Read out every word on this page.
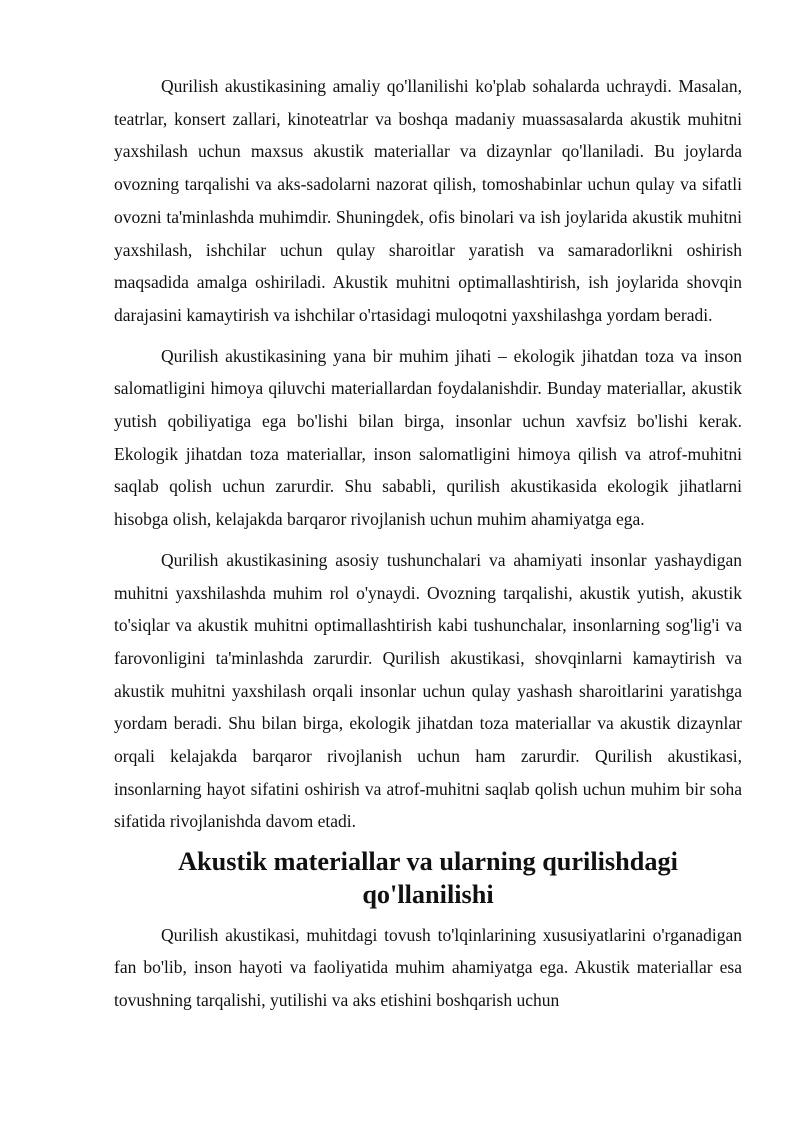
Qurilish akustikasining amaliy qo'llanilishi ko'plab sohalarda uchraydi. Masalan, teatrlar, konsert zallari, kinoteatrlar va boshqa madaniy muassasalarda akustik muhitni yaxshilash uchun maxsus akustik materiallar va dizaynlar qo'llaniladi. Bu joylarda ovozning tarqalishi va aks-sadolarni nazorat qilish, tomoshabinlar uchun qulay va sifatli ovozni ta'minlashda muhimdir. Shuningdek, ofis binolari va ish joylarida akustik muhitni yaxshilash, ishchilar uchun qulay sharoitlar yaratish va samaradorlikni oshirish maqsadida amalga oshiriladi. Akustik muhitni optimallashtirish, ish joylarida shovqin darajasini kamaytirish va ishchilar o'rtasidagi muloqotni yaxshilashga yordam beradi.

Qurilish akustikasining yana bir muhim jihati – ekologik jihatdan toza va inson salomatligini himoya qiluvchi materiallardan foydalanishdir. Bunday materiallar, akustik yutish qobiliyatiga ega bo'lishi bilan birga, insonlar uchun xavfsiz bo'lishi kerak. Ekologik jihatdan toza materiallar, inson salomatligini himoya qilish va atrof-muhitni saqlab qolish uchun zarurdir. Shu sababli, qurilish akustikasida ekologik jihatlarni hisobga olish, kelajakda barqaror rivojlanish uchun muhim ahamiyatga ega.

Qurilish akustikasining asosiy tushunchalari va ahamiyati insonlar yashaydigan muhitni yaxshilashda muhim rol o'ynaydi. Ovozning tarqalishi, akustik yutish, akustik to'siqlar va akustik muhitni optimallashtirish kabi tushunchalar, insonlarning sog'lig'i va farovonligini ta'minlashda zarurdir. Qurilish akustikasi, shovqinlarni kamaytirish va akustik muhitni yaxshilash orqali insonlar uchun qulay yashash sharoitlarini yaratishga yordam beradi. Shu bilan birga, ekologik jihatdan toza materiallar va akustik dizaynlar orqali kelajakda barqaror rivojlanish uchun ham zarurdir. Qurilish akustikasi, insonlarning hayot sifatini oshirish va atrof-muhitni saqlab qolish uchun muhim bir soha sifatida rivojlanishda davom etadi.

Akustik materiallar va ularning qurilishdagi qo'llanilishi

Qurilish akustikasi, muhitdagi tovush to'lqinlarining xususiyatlarini o'rganadigan fan bo'lib, inson hayoti va faoliyatida muhim ahamiyatga ega. Akustik materiallar esa tovushning tarqalishi, yutilishi va aks etishini boshqarish uchun
